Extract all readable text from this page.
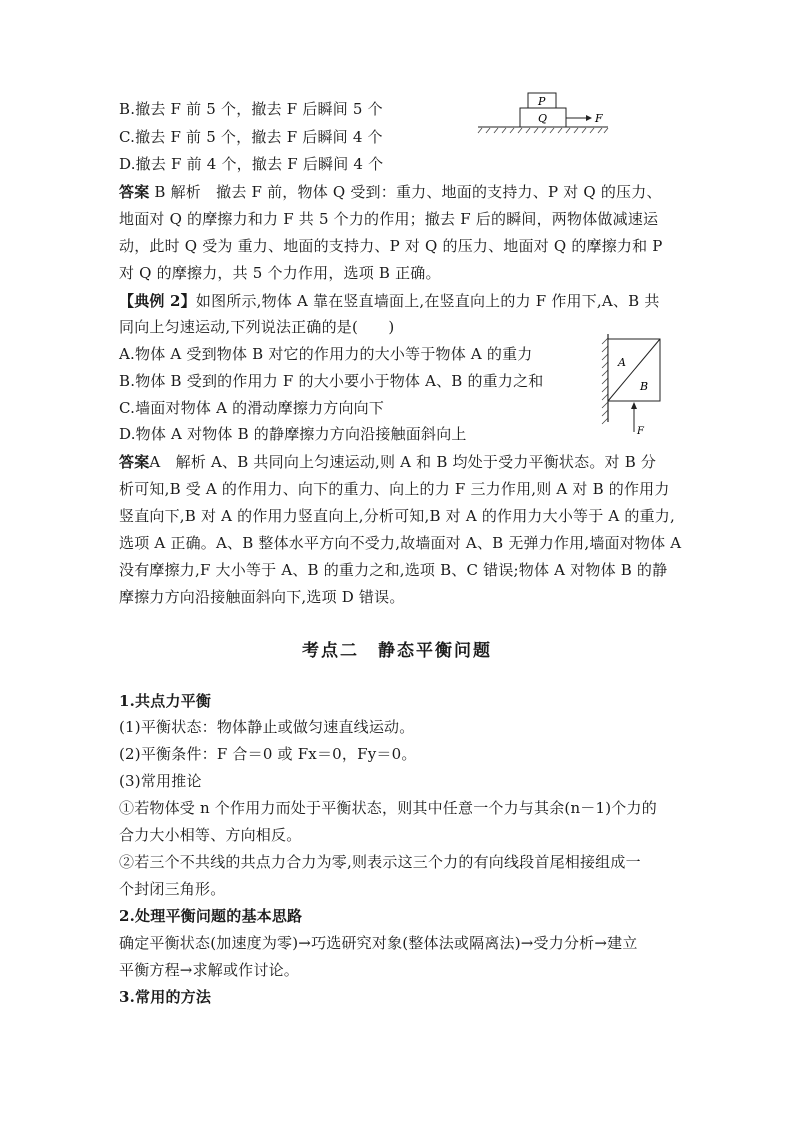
B.撤去 F 前 5 个，撤去 F 后瞬间 5 个
C.撤去 F 前 5 个，撤去 F 后瞬间 4 个
D.撤去 F 前 4 个，撤去 F 后瞬间 4 个
P
Q	F
答案 B 解析　撤去 F 前，物体 Q 受到：重力、地面的支持力、P 对 Q 的压力、
地面对 Q 的摩擦力和力 F 共 5 个力的作用；撤去 F 后的瞬间，两物体做减速运
动，此时 Q 受为 重力、地面的支持力、P 对 Q 的压力、地面对 Q 的摩擦力和 P
对 Q 的摩擦力，共 5 个力作用，选项 B 正确。
【典例 2】如图所示,物体 A 靠在竖直墙面上,在竖直向上的力 F 作用下,A、B 共
同向上匀速运动,下列说法正确的是(　　)
A.物体 A 受到物体 B 对它的作用力的大小等于物体 A 的重力
B.物体 B 受到的作用力 F 的大小要小于物体 A、B 的重力之和
C.墙面对物体 A 的滑动摩擦力方向向下
D.物体 A 对物体 B 的静摩擦力方向沿接触面斜向上
A
B
F
答案A　解析 A、B 共同向上匀速运动,则 A 和 B 均处于受力平衡状态。对 B 分
析可知,B 受 A 的作用力、向下的重力、向上的力 F 三力作用,则 A 对 B 的作用力
竖直向下,B 对 A 的作用力竖直向上,分析可知,B 对 A 的作用力大小等于 A 的重力,
选项 A 正确。A、B 整体水平方向不受力,故墙面对 A、B 无弹力作用,墙面对物体 A
没有摩擦力,F 大小等于 A、B 的重力之和,选项 B、C 错误;物体 A 对物体 B 的静
摩擦力方向沿接触面斜向下,选项 D 错误。
考点二　静态平衡问题
1.共点力平衡
(1)平衡状态：物体静止或做匀速直线运动。
(2)平衡条件：F 合＝0 或 Fx＝0，Fy＝0。
(3)常用推论
①若物体受 n 个作用力而处于平衡状态，则其中任意一个力与其余(n－1)个力的
合力大小相等、方向相反。
②若三个不共线的共点力合力为零,则表示这三个力的有向线段首尾相接组成一
个封闭三角形。
2.处理平衡问题的基本思路
确定平衡状态(加速度为零)→巧选研究对象(整体法或隔离法)→受力分析→建立
平衡方程→求解或作讨论。
3.常用的方法
